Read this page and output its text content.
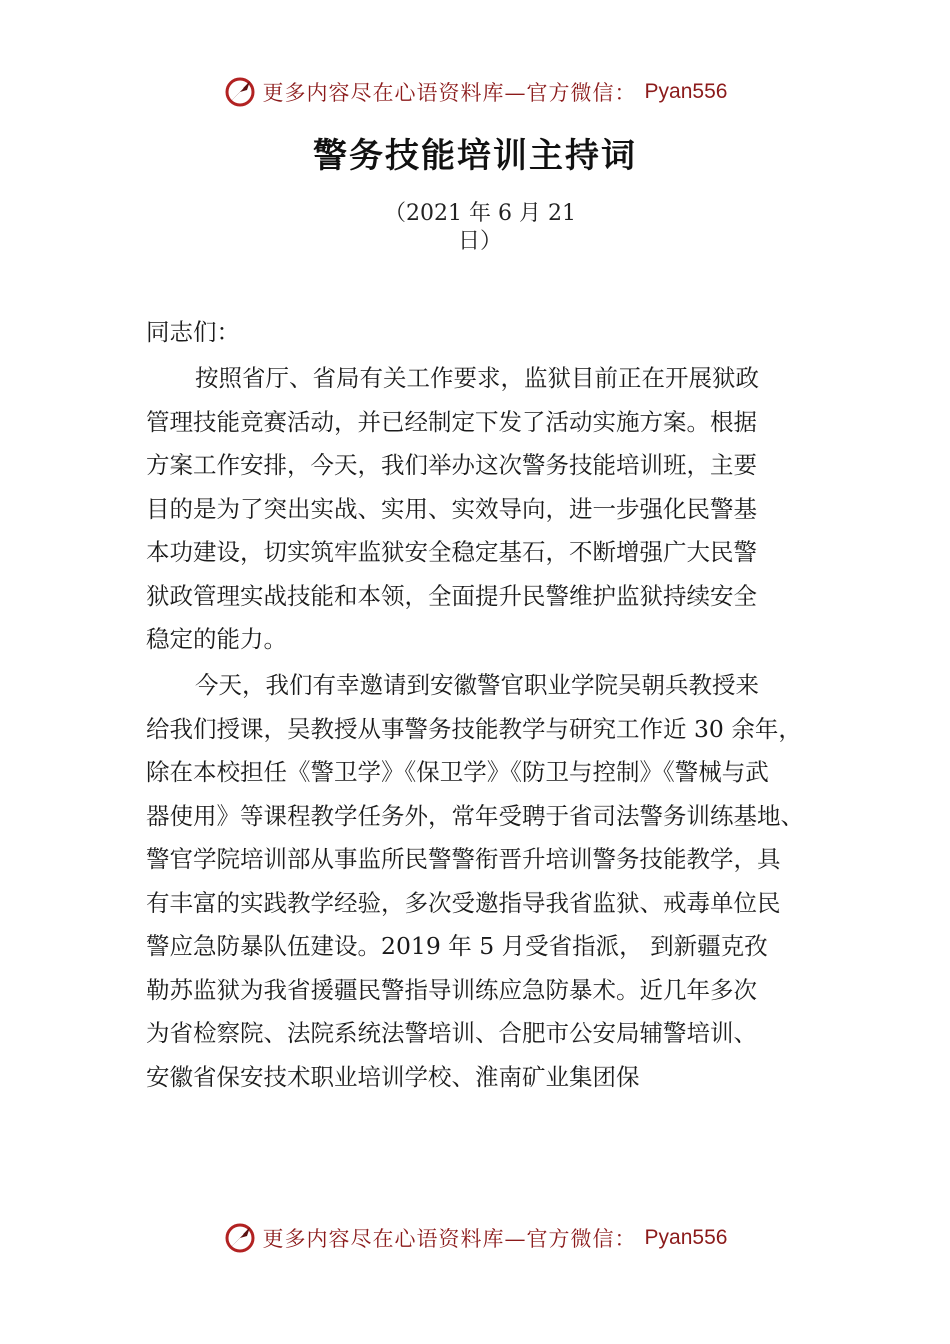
更多内容尽在心语资料库—官方微信： Pyan556
警务技能培训主持词
（2021 年 6 月 21
日）
同志们：
按照省厅、省局有关工作要求，监狱目前正在开展狱政
管理技能竞赛活动，并已经制定下发了活动实施方案。根据
方案工作安排，今天，我们举办这次警务技能培训班，主要
目的是为了突出实战、实用、实效导向，进一步强化民警基
本功建设，切实筑牢监狱安全稳定基石，不断增强广大民警
狱政管理实战技能和本领，全面提升民警维护监狱持续安全
稳定的能力。
今天，我们有幸邀请到安徽警官职业学院吴朝兵教授来
给我们授课，吴教授从事警务技能教学与研究工作近 30 余年，
除在本校担任《警卫学》《保卫学》《防卫与控制》《警械与武
器使用》等课程教学任务外，常年受聘于省司法警务训练基地、
警官学院培训部从事监所民警警衔晋升培训警务技能教学，具
有丰富的实践教学经验，多次受邀指导我省监狱、戒毒单位民
警应急防暴队伍建设。2019 年 5 月受省指派， 到新疆克孜
勒苏监狱为我省援疆民警指导训练应急防暴术。近几年多次
为省检察院、法院系统法警培训、合肥市公安局辅警培训、
安徽省保安技术职业培训学校、淮南矿业集团保
更多内容尽在心语资料库—官方微信： Pyan556
